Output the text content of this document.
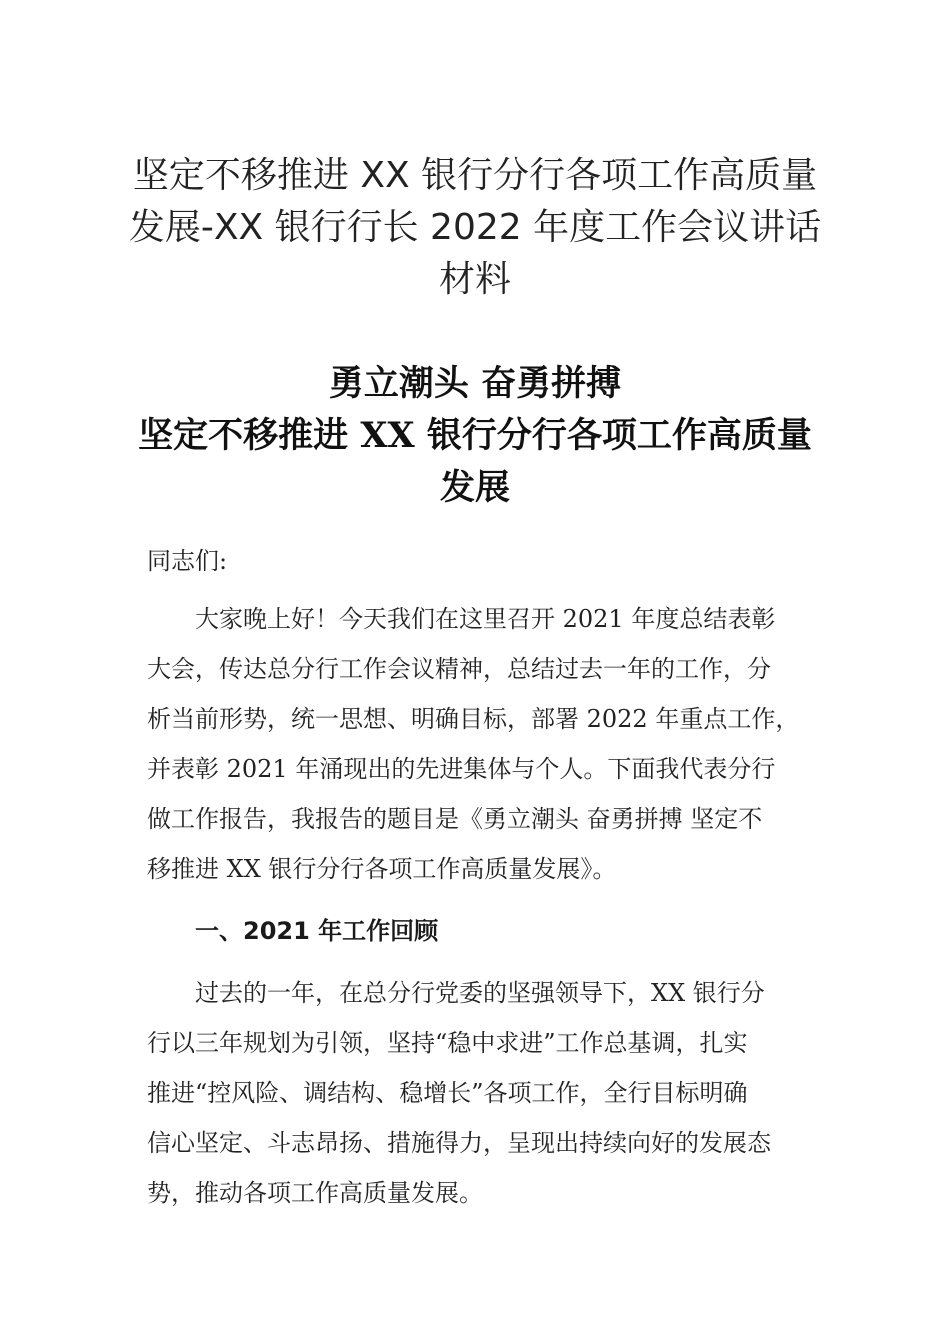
坚定不移推进 XX 银行分行各项工作高质量
发展-XX 银行行长 2022 年度工作会议讲话
材料
勇立潮头 奋勇拼搏
坚定不移推进 XX 银行分行各项工作高质量
发展

同志们:

大家晚上好！今天我们在这里召开 2021 年度总结表彰
大会，传达总分行工作会议精神，总结过去一年的工作，分
析当前形势，统一思想、明确目标，部署 2022 年重点工作，
并表彰 2021 年涌现出的先进集体与个人。下面我代表分行
做工作报告，我报告的题目是《勇立潮头 奋勇拼搏 坚定不
移推进 XX 银行分行各项工作高质量发展》。

一、2021 年工作回顾

过去的一年，在总分行党委的坚强领导下，XX 银行分
行以三年规划为引领，坚持“稳中求进”工作总基调，扎实
推进“控风险、调结构、稳增长”各项工作，全行目标明确
信心坚定、斗志昂扬、措施得力，呈现出持续向好的发展态
势，推动各项工作高质量发展。
